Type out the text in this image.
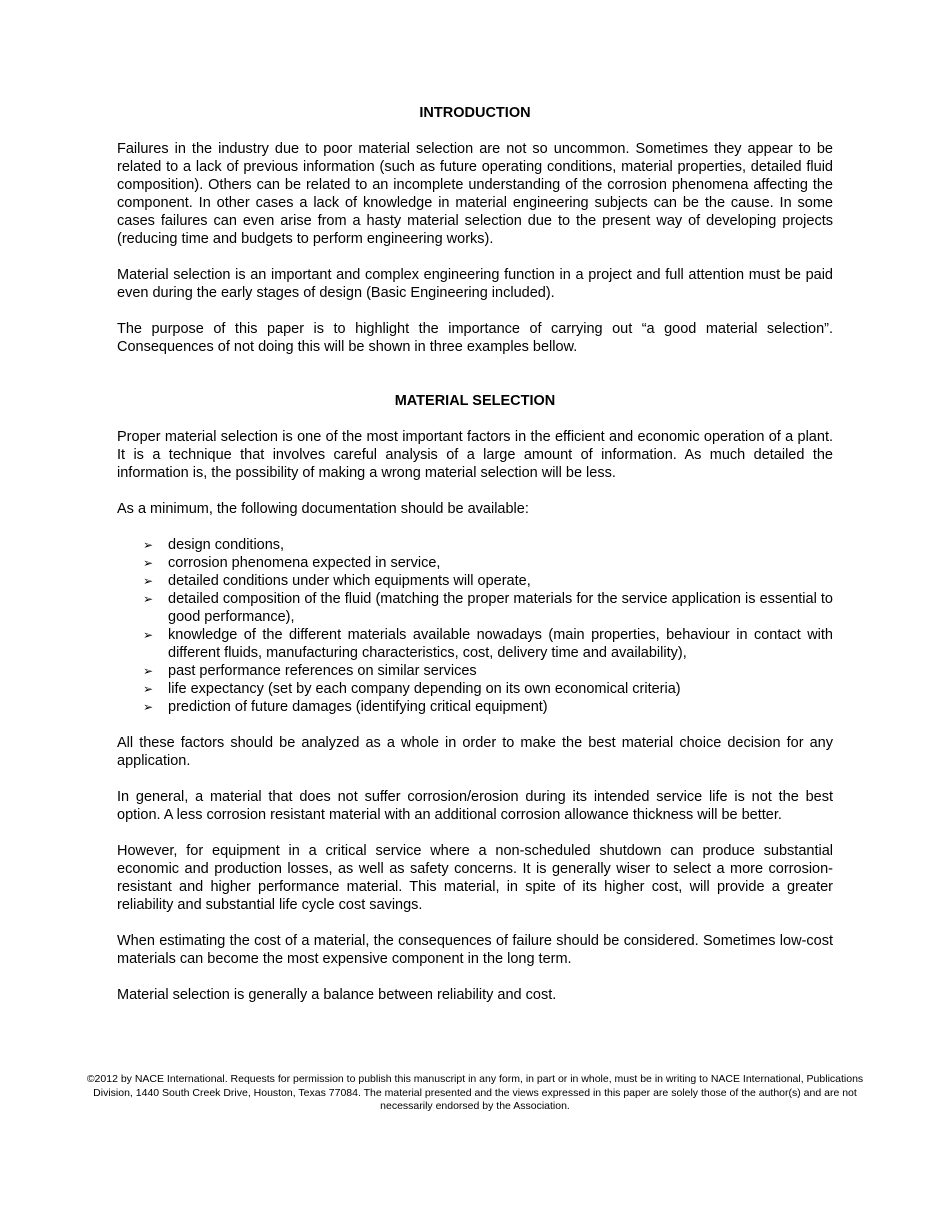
INTRODUCTION

Failures in the industry due to poor material selection are not so uncommon. Sometimes they appear to be related to a lack of previous information (such as future operating conditions, material properties, detailed fluid composition). Others can be related to an incomplete understanding of the corrosion phenomena affecting the component. In other cases a lack of knowledge in material engineering subjects can be the cause. In some cases failures can even arise from a hasty material selection due to the present way of developing projects (reducing time and budgets to perform engineering works).

Material selection is an important and complex engineering function in a project and full attention must be paid even during the early stages of design (Basic Engineering included).

The purpose of this paper is to highlight the importance of carrying out “a good material selection”. Consequences of not doing this will be shown in three examples bellow.

MATERIAL SELECTION

Proper material selection is one of the most important factors in the efficient and economic operation of a plant. It is a technique that involves careful analysis of a large amount of information. As much detailed the information is, the possibility of making a wrong material selection will be less.

As a minimum, the following documentation should be available:

➢ design conditions,
➢ corrosion phenomena expected in service,
➢ detailed conditions under which equipments will operate,
➢ detailed composition of the fluid (matching the proper materials for the service application is essential to good performance),
➢ knowledge of the different materials available nowadays (main properties, behaviour in contact with different fluids, manufacturing characteristics, cost, delivery time and availability),
➢ past performance references on similar services
➢ life expectancy (set by each company depending on its own economical criteria)
➢ prediction of future damages (identifying critical equipment)

All these factors should be analyzed as a whole in order to make the best material choice decision for any application.

In general, a material that does not suffer corrosion/erosion during its intended service life is not the best option. A less corrosion resistant material with an additional corrosion allowance thickness will be better.

However, for equipment in a critical service where a non-scheduled shutdown can produce substantial economic and production losses, as well as safety concerns. It is generally wiser to select a more corrosion-resistant and higher performance material. This material, in spite of its higher cost, will provide a greater reliability and substantial life cycle cost savings.

When estimating the cost of a material, the consequences of failure should be considered. Sometimes low-cost materials can become the most expensive component in the long term.

Material selection is generally a balance between reliability and cost.

©2012 by NACE International. Requests for permission to publish this manuscript in any form, in part or in whole, must be in writing to NACE International, Publications Division, 1440 South Creek Drive, Houston, Texas 77084. The material presented and the views expressed in this paper are solely those of the author(s) and are not necessarily endorsed by the Association.
